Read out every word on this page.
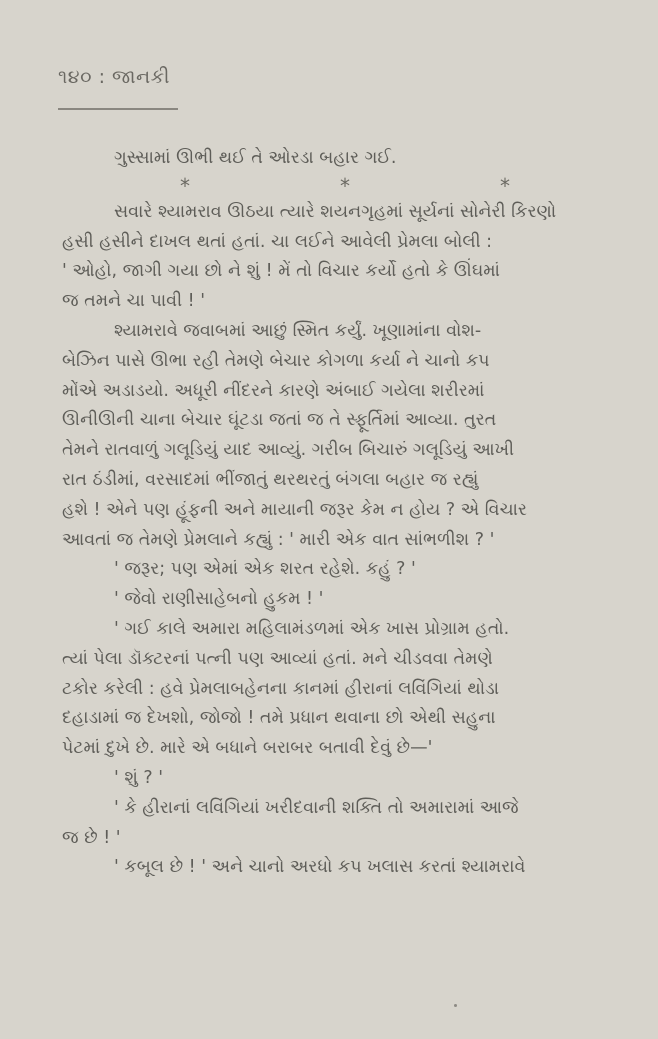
૧૪૦ : જાનકી
ગુસ્સામાં ઊભી થઈ તે ઓરડા બહાર ગઈ.
*	*	*
સવારે શ્યામરાવ ઊઠયા ત્યારે શયનગૃહમાં સૂર્યનાં સોનેરી કિરણો
હસી હસીને દાખલ થતાં હતાં. ચા લઈને આવેલી પ્રેમલા બોલી :
' ઓહો, જાગી ગયા છો ને શું ! મેં તો વિચાર કર્યો હતો કે ઊંઘમાં
જ તમને ચા પાવી ! '
શ્યામરાવે જવાબમાં આછું સ્મિત કર્યું. ખૂણામાંના વોશ-
બેઝિન પાસે ઊભા રહી તેમણે બેચાર કોગળા કર્યા ને ચાનો કપ
મોંએ અડાડયો. અધૂરી નીંદરને કારણે અંબાઈ ગયેલા શરીરમાં
ઊનીઊની ચાના બેચાર ઘૂંટડા જતાં જ તે સ્ફૂર્તિમાં આવ્યા. તુરત
તેમને રાતવાળું ગલૂડિયું યાદ આવ્યું. ગરીબ બિચારું ગલૂડિયું આખી
રાત ઠંડીમાં, વરસાદમાં ભીંજાતું થરથરતું બંગલા બહાર જ રહ્યું
હશે ! એને પણ હૂંફની અને માયાની જરૂર કેમ ન હોય ? એ વિચાર
આવતાં જ તેમણે પ્રેમલાને કહ્યું : ' મારી એક વાત સાંભળીશ ? '
' જરૂર; પણ એમાં એક શરત રહેશે. કહું ? '
' જેવો રાણીસાહેબનો હુકમ ! '
' ગઈ કાલે અમારા મહિલામંડળમાં એક ખાસ પ્રોગ્રામ હતો.
ત્યાં પેલા ડૉક્ટરનાં પત્ની પણ આવ્યાં હતાં. મને ચીડવવા તેમણે
ટકોર કરેલી : હવે પ્રેમલાબહેનના કાનમાં હીરાનાં લવિંગિયાં થોડા
દહાડામાં જ દેખશો, જોજો ! તમે પ્રધાન થવાના છો એથી સહુના
પેટમાં દુખે છે. મારે એ બધાને બરાબર બતાવી દેવું છે—'
' શું ? '
' કે હીરાનાં લવિંગિયાં ખરીદવાની શક્તિ તો અમારામાં આજે
જ છે ! '
' કબૂલ છે ! ' અને ચાનો અરધો કપ ખલાસ કરતાં શ્યામરાવે
